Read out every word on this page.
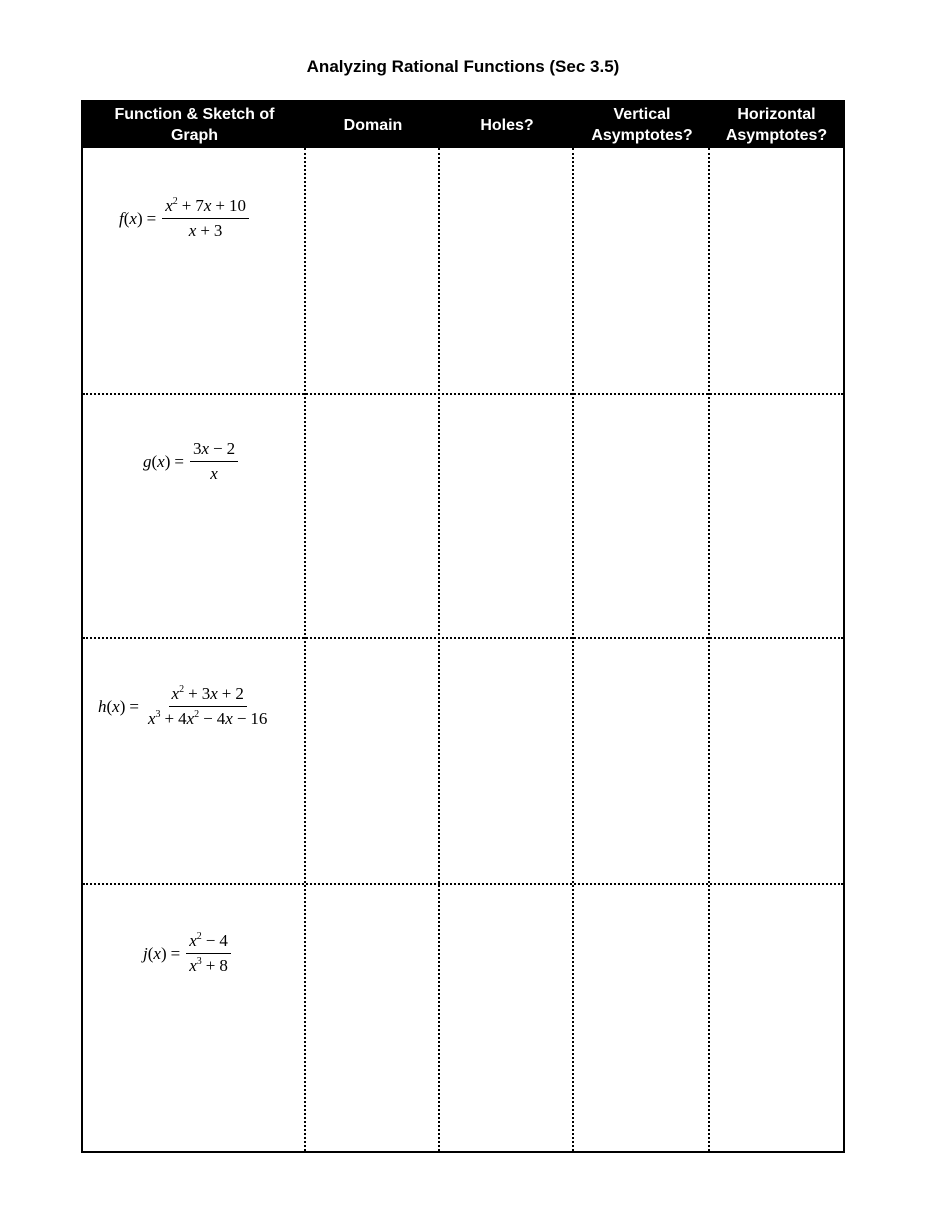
Analyzing Rational Functions (Sec 3.5)
Function & Sketch of
Graph
Domain	Holes?
Vertical
Asymptotes?
Horizontal
Asymptotes?
$f(x) = \frac{x^2 + 7x + 10}{x + 3}$
$g(x) = \frac{3x - 2}{x}$
$h(x) = \frac{x^2 + 3x + 2}{x^3 + 4x^2 - 4x - 16}$
$j(x) = \frac{x^2 - 4}{x^3 + 8}$
